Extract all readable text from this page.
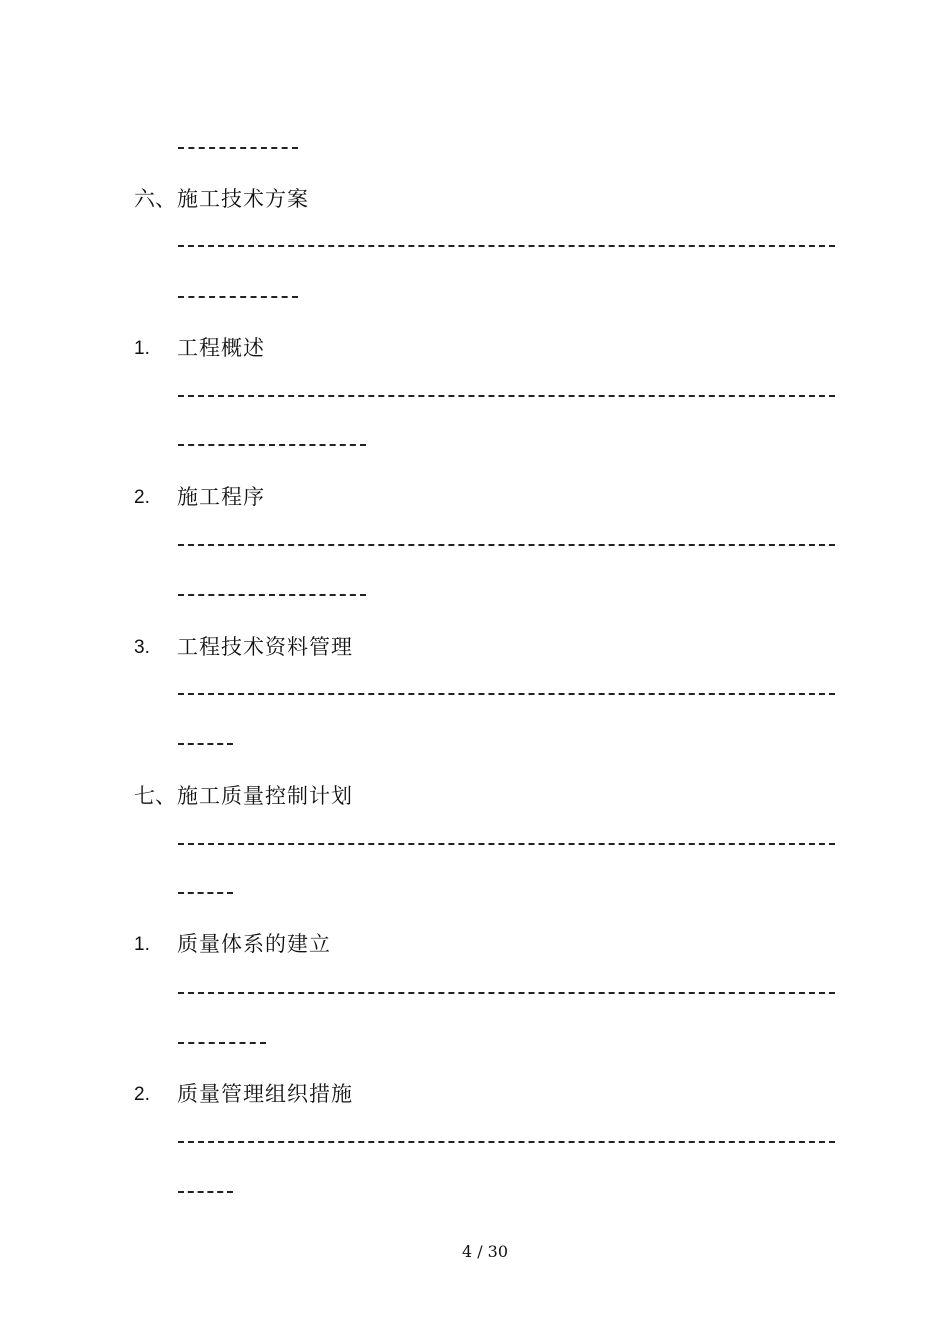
六、 施工技术方案
1. 工程概述
2. 施工程序
3. 工程技术资料管理
七、 施工质量控制计划
1. 质量体系的建立
2. 质量管理组织措施
4 / 30
